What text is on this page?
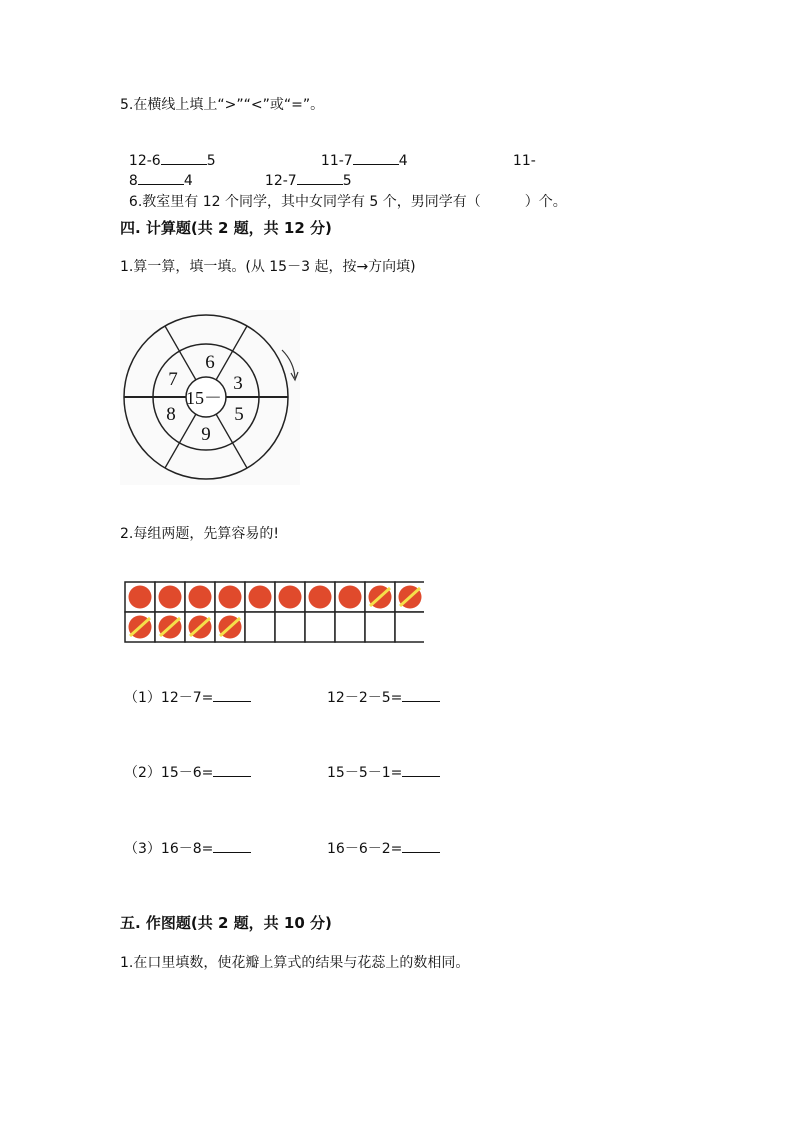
5.在横线上填上“>”“<”或“=”。

12-6	5	11-7	4	11-

8	4	12-7	5

6.教室里有 12 个同学，其中女同学有 5 个，男同学有（	）个。

四. 计算题(共 2 题，共 12 分)
1.算一算，填一填。(从 15－3 起，按→方向填)
15－
6
3
5
9
8
7
2.每组两题，先算容易的!
（1）12－7=	12－2－5=
（2）15－6=	15－5－1=
（3）16－8=	16－6－2=
五. 作图题(共 2 题，共 10 分)
1.在口里填数，使花瓣上算式的结果与花蕊上的数相同。
